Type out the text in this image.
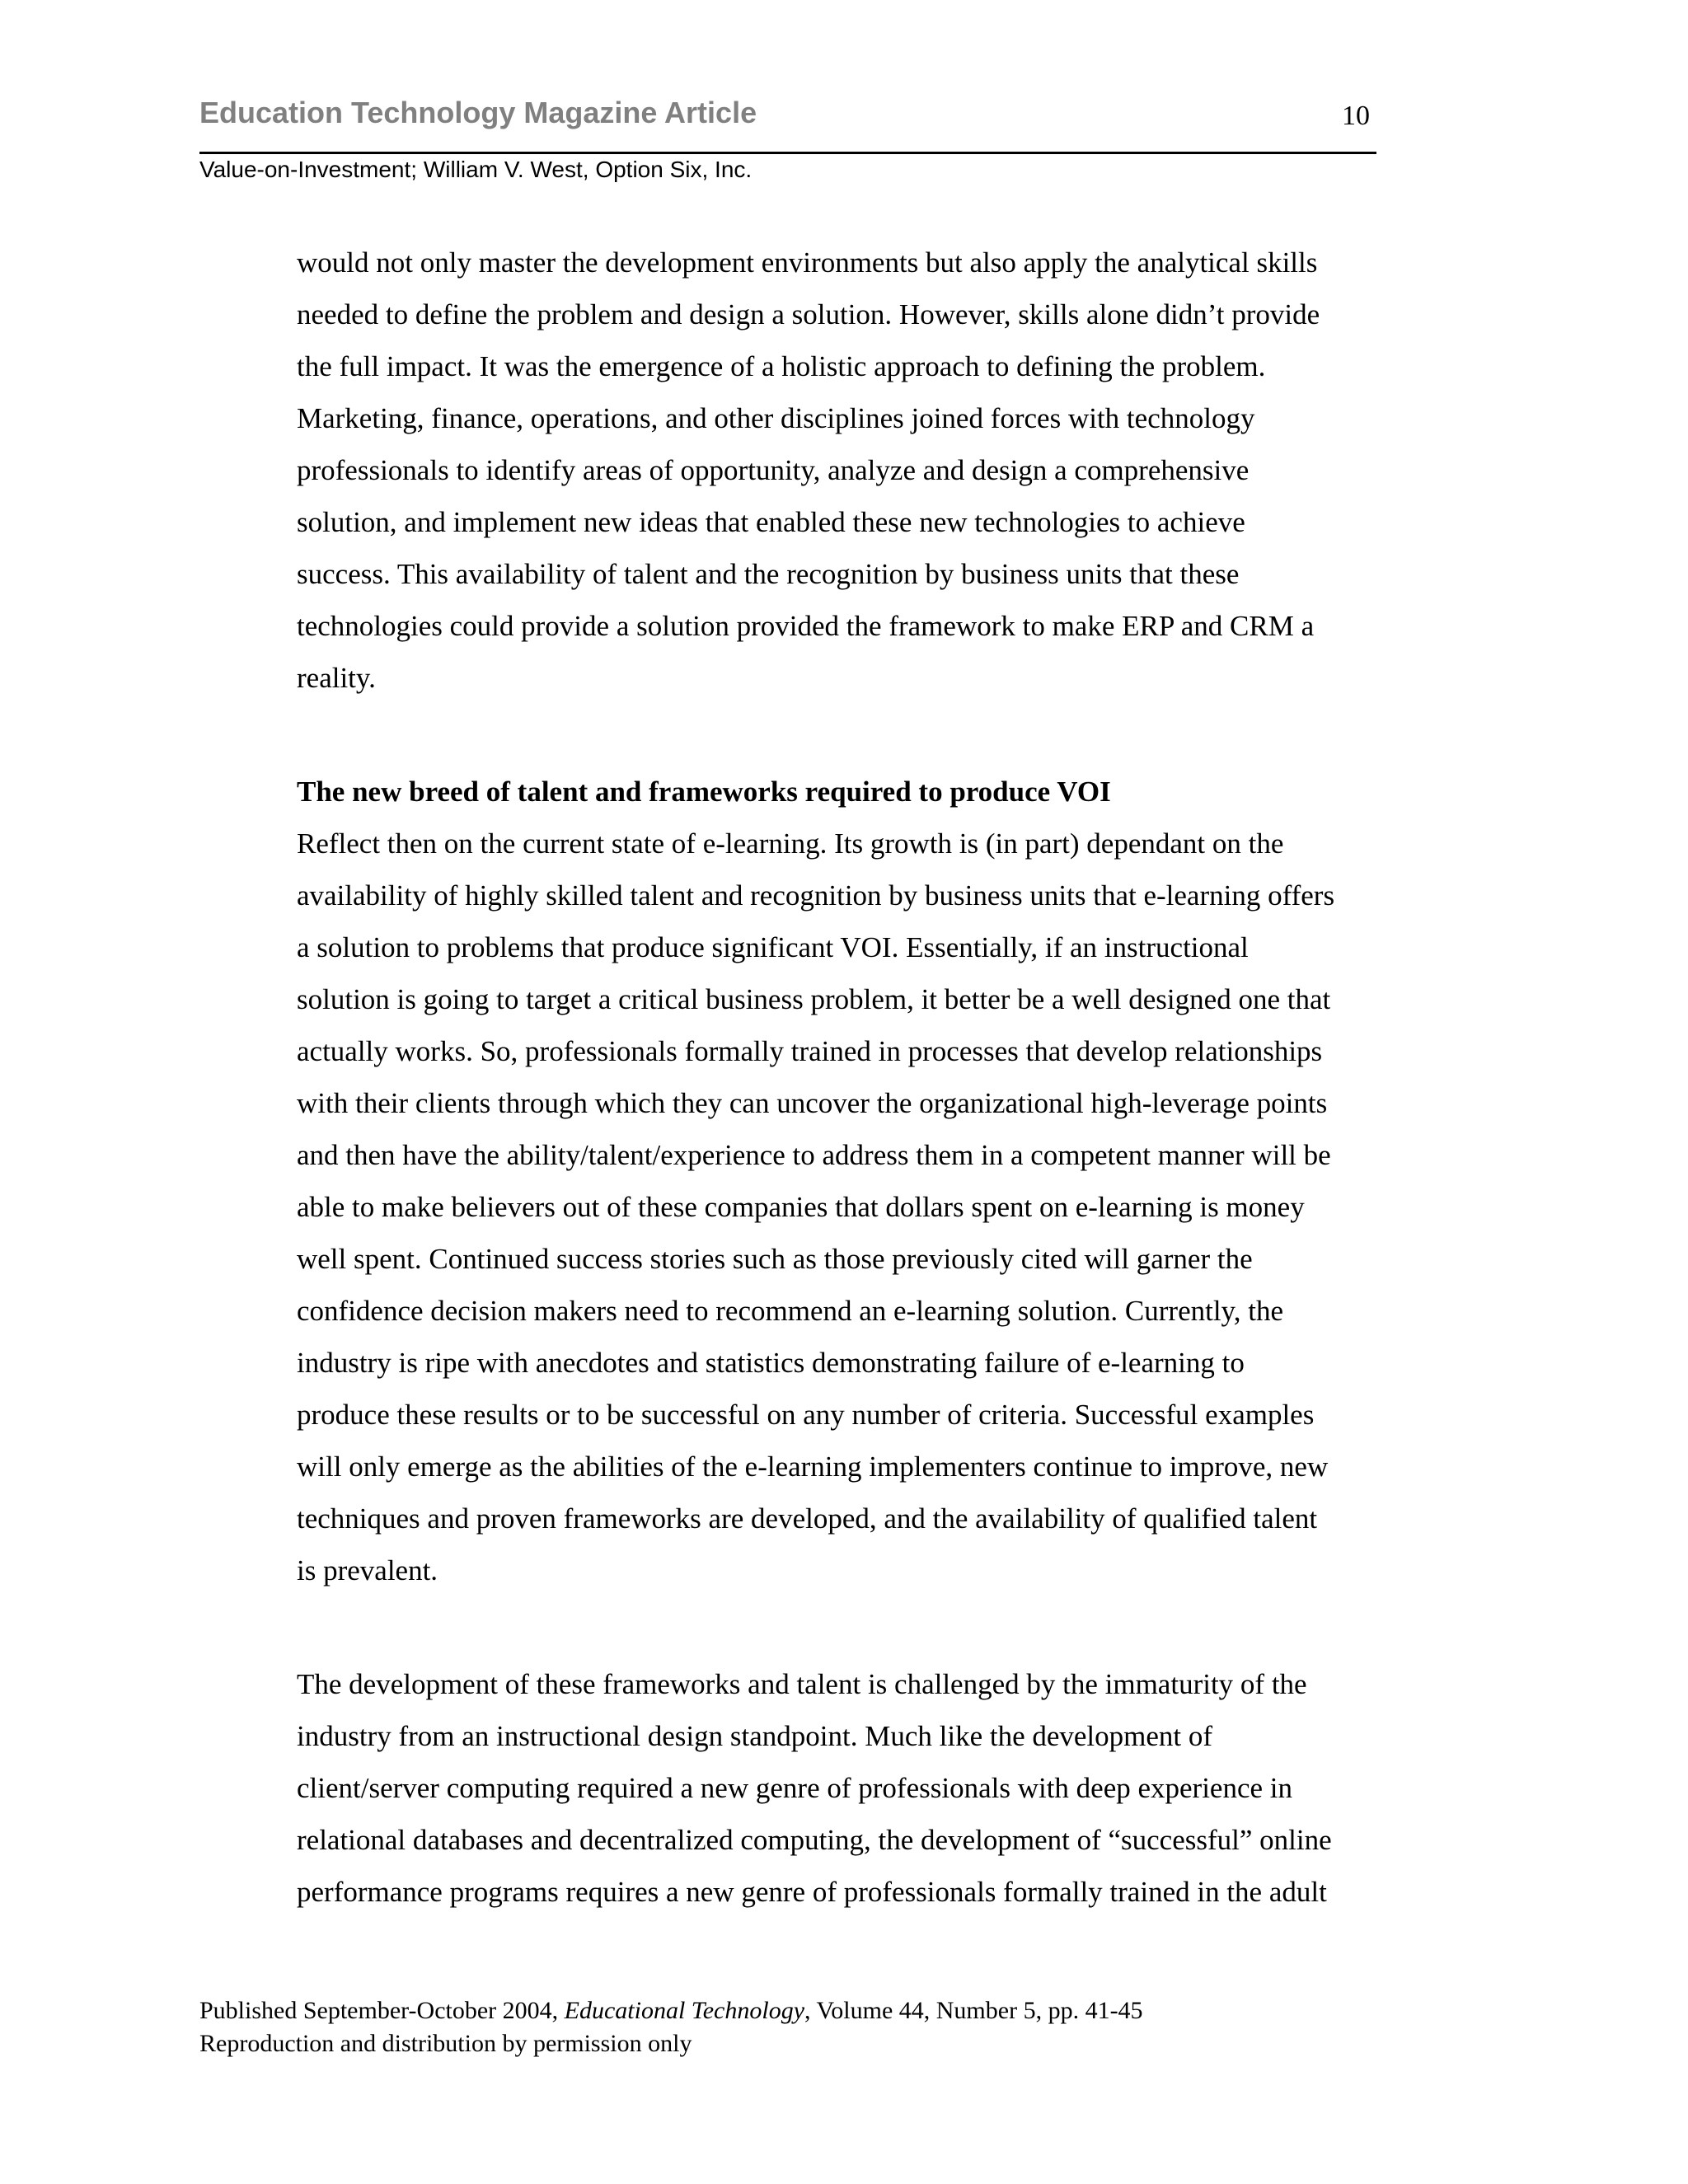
Education Technology Magazine Article	10
Value-on-Investment; William V. West, Option Six, Inc.
would not only master the development environments but also apply the analytical skills
needed to define the problem and design a solution. However, skills alone didn’t provide
the full impact. It was the emergence of a holistic approach to defining the problem.
Marketing, finance, operations, and other disciplines joined forces with technology
professionals to identify areas of opportunity, analyze and design a comprehensive
solution, and implement new ideas that enabled these new technologies to achieve
success. This availability of talent and the recognition by business units that these
technologies could provide a solution provided the framework to make ERP and CRM a
reality.
The new breed of talent and frameworks required to produce VOI
Reflect then on the current state of e-learning. Its growth is (in part) dependant on the
availability of highly skilled talent and recognition by business units that e-learning offers
a solution to problems that produce significant VOI. Essentially, if an instructional
solution is going to target a critical business problem, it better be a well designed one that
actually works. So, professionals formally trained in processes that develop relationships
with their clients through which they can uncover the organizational high-leverage points
and then have the ability/talent/experience to address them in a competent manner will be
able to make believers out of these companies that dollars spent on e-learning is money
well spent. Continued success stories such as those previously cited will garner the
confidence decision makers need to recommend an e-learning solution. Currently, the
industry is ripe with anecdotes and statistics demonstrating failure of e-learning to
produce these results or to be successful on any number of criteria. Successful examples
will only emerge as the abilities of the e-learning implementers continue to improve, new
techniques and proven frameworks are developed, and the availability of qualified talent
is prevalent.
The development of these frameworks and talent is challenged by the immaturity of the
industry from an instructional design standpoint. Much like the development of
client/server computing required a new genre of professionals with deep experience in
relational databases and decentralized computing, the development of “successful” online
performance programs requires a new genre of professionals formally trained in the adult
Published September-October 2004, Educational Technology, Volume 44, Number 5, pp. 41-45
Reproduction and distribution by permission only
